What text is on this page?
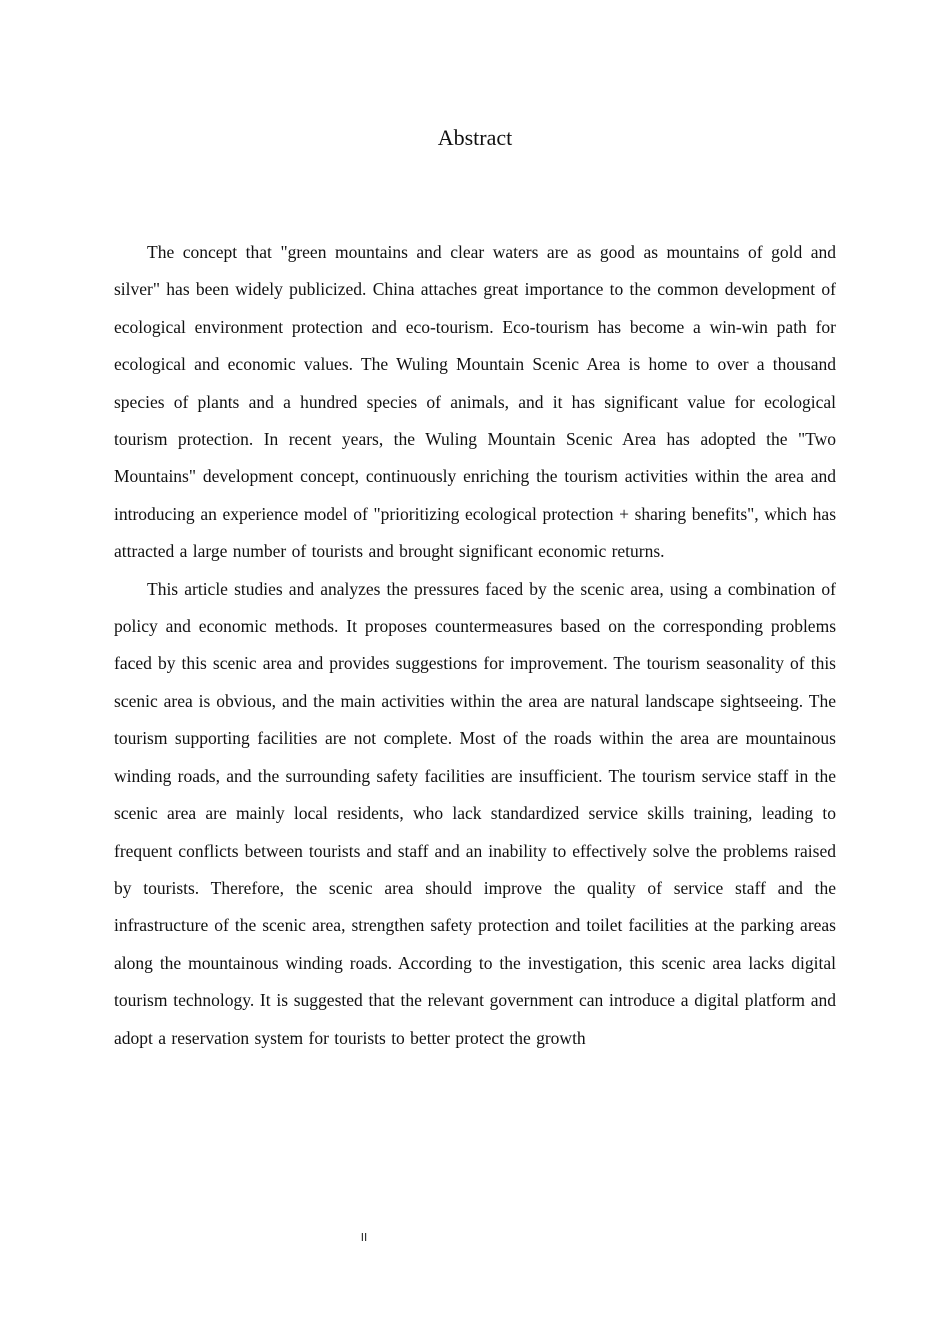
Abstract

The concept that "green mountains and clear waters are as good as mountains of gold and silver" has been widely publicized. China attaches great importance to the common development of ecological environment protection and eco-tourism. Eco-tourism has become a win-win path for ecological and economic values. The Wuling Mountain Scenic Area is home to over a thousand species of plants and a hundred species of animals, and it has significant value for ecological tourism protection. In recent years, the Wuling Mountain Scenic Area has adopted the "Two Mountains" development concept, continuously enriching the tourism activities within the area and introducing an experience model of "prioritizing ecological protection + sharing benefits", which has attracted a large number of tourists and brought significant economic returns.

This article studies and analyzes the pressures faced by the scenic area, using a combination of policy and economic methods. It proposes countermeasures based on the corresponding problems faced by this scenic area and provides suggestions for improvement. The tourism seasonality of this scenic area is obvious, and the main activities within the area are natural landscape sightseeing. The tourism supporting facilities are not complete. Most of the roads within the area are mountainous winding roads, and the surrounding safety facilities are insufficient. The tourism service staff in the scenic area are mainly local residents, who lack standardized service skills training, leading to frequent conflicts between tourists and staff and an inability to effectively solve the problems raised by tourists. Therefore, the scenic area should improve the quality of service staff and the infrastructure of the scenic area, strengthen safety protection and toilet facilities at the parking areas along the mountainous winding roads. According to the investigation, this scenic area lacks digital tourism technology. It is suggested that the relevant government can introduce a digital platform and adopt a reservation system for tourists to better protect the growth

II
